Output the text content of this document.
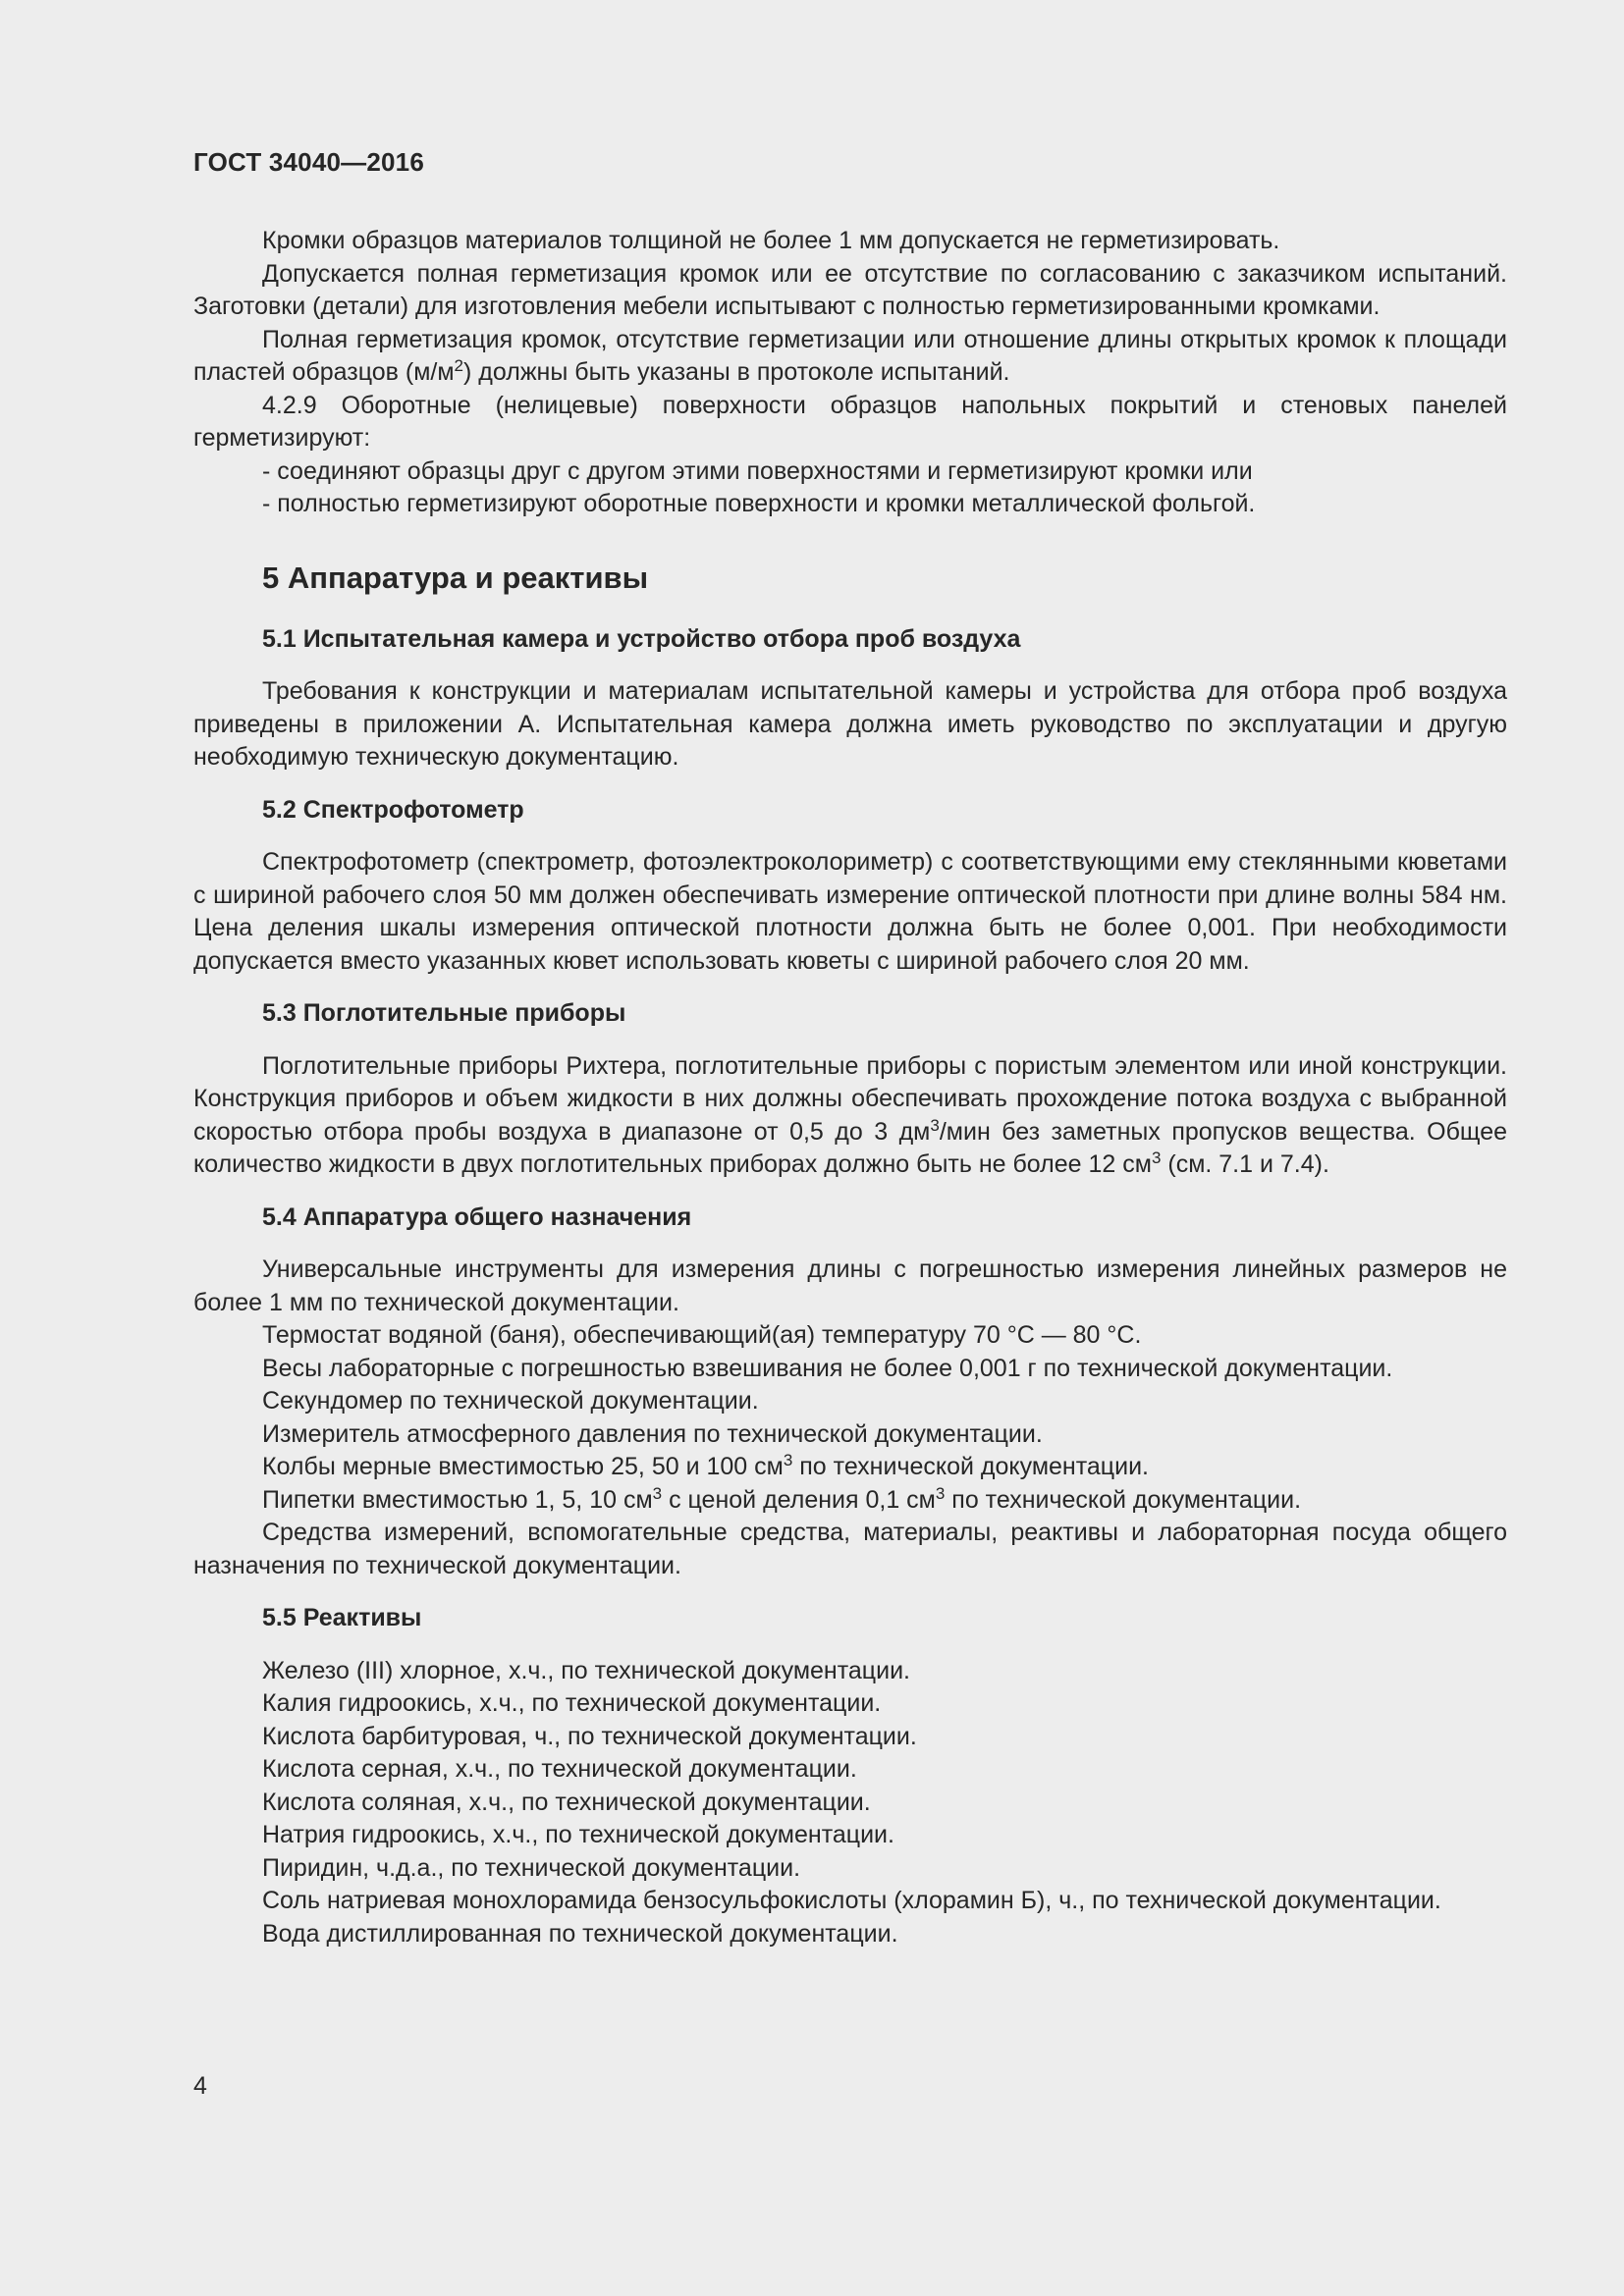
ГОСТ 34040—2016

Кромки образцов материалов толщиной не более 1 мм допускается не герметизировать.

Допускается полная герметизация кромок или ее отсутствие по согласованию с заказчиком испытаний. Заготовки (детали) для изготовления мебели испытывают с полностью герметизированными кромками.

Полная герметизация кромок, отсутствие герметизации или отношение длины открытых кромок к площади пластей образцов $(м/м^2)$ должны быть указаны в протоколе испытаний.

4.2.9 Оборотные (нелицевые) поверхности образцов напольных покрытий и стеновых панелей герметизируют:

- соединяют образцы друг с другом этими поверхностями и герметизируют кромки или

- полностью герметизируют оборотные поверхности и кромки металлической фольгой.

5 Аппаратура и реактивы
5.1 Испытательная камера и устройство отбора проб воздуха

Требования к конструкции и материалам испытательной камеры и устройства для отбора проб воздуха приведены в приложении А. Испытательная камера должна иметь руководство по эксплуатации и другую необходимую техническую документацию.

5.2 Спектрофотометр

Спектрофотометр (спектрометр, фотоэлектроколориметр) с соответствующими ему стеклянными кюветами с шириной рабочего слоя 50 мм должен обеспечивать измерение оптической плотности при длине волны 584 нм. Цена деления шкалы измерения оптической плотности должна быть не более 0,001. При необходимости допускается вместо указанных кювет использовать кюветы с шириной рабочего слоя 20 мм.

5.3 Поглотительные приборы

Поглотительные приборы Рихтера, поглотительные приборы с пористым элементом или иной конструкции. Конструкция приборов и объем жидкости в них должны обеспечивать прохождение потока воздуха с выбранной скоростью отбора пробы воздуха в диапазоне от 0,5 до 3 $дм^3$/мин без заметных пропусков вещества. Общее количество жидкости в двух поглотительных приборах должно быть не более 12 $см^3$ (см. 7.1 и 7.4).

5.4 Аппаратура общего назначения

Универсальные инструменты для измерения длины с погрешностью измерения линейных размеров не более 1 мм по технической документации.

Термостат водяной (баня), обеспечивающий(ая) температуру 70 °С — 80 °С.

Весы лабораторные с погрешностью взвешивания не более 0,001 г по технической документации.

Секундомер по технической документации.

Измеритель атмосферного давления по технической документации.

Колбы мерные вместимостью 25, 50 и 100 $см^3$ по технической документации.

Пипетки вместимостью 1, 5, 10 $см^3$ с ценой деления 0,1 $см^3$ по технической документации.

Средства измерений, вспомогательные средства, материалы, реактивы и лабораторная посуда общего назначения по технической документации.

5.5 Реактивы

Железо (III) хлорное, х.ч., по технической документации.

Калия гидроокись, х.ч., по технической документации.

Кислота барбитуровая, ч., по технической документации.

Кислота серная, х.ч., по технической документации.

Кислота соляная, х.ч., по технической документации.

Натрия гидроокись, х.ч., по технической документации.

Пиридин, ч.д.а., по технической документации.

Соль натриевая монохлорамида бензосульфокислоты (хлорамин Б), ч., по технической документации.

Вода дистиллированная по технической документации.

4
